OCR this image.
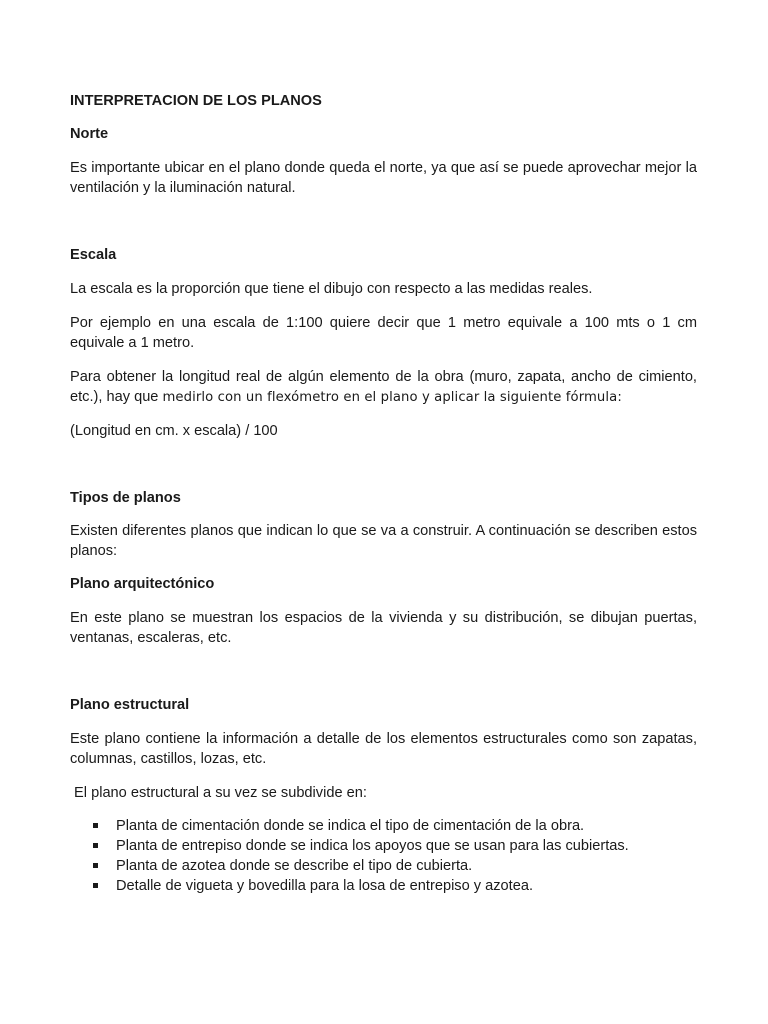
INTERPRETACION DE LOS PLANOS

Norte

Es importante ubicar en el plano donde queda el norte, ya que así se puede aprovechar mejor la ventilación y la iluminación natural.

Escala

La escala es la proporción que tiene el dibujo con respecto a las medidas reales.

Por ejemplo en una escala de 1:100 quiere decir que 1 metro equivale a 100 mts o 1 cm equivale a 1 metro.

Para obtener la longitud real de algún elemento de la obra (muro, zapata, ancho de cimiento, etc.), hay que medirlo con un flexómetro en el plano y aplicar la siguiente fórmula:

(Longitud en cm. x escala) / 100

Tipos de planos

Existen diferentes planos que indican lo que se va a construir. A continuación se describen estos planos:

Plano arquitectónico

En este plano se muestran los espacios de la vivienda y su distribución, se dibujan puertas, ventanas, escaleras, etc.

Plano estructural

Este plano contiene la información a detalle de los elementos estructurales como son zapatas, columnas, castillos, lozas, etc.

El plano estructural a su vez se subdivide en:

Planta de cimentación donde se indica el tipo de cimentación de la obra.
Planta de entrepiso donde se indica los apoyos que se usan para las cubiertas.
Planta de azotea donde se describe el tipo de cubierta.
Detalle de vigueta y bovedilla para la losa de entrepiso y azotea.
